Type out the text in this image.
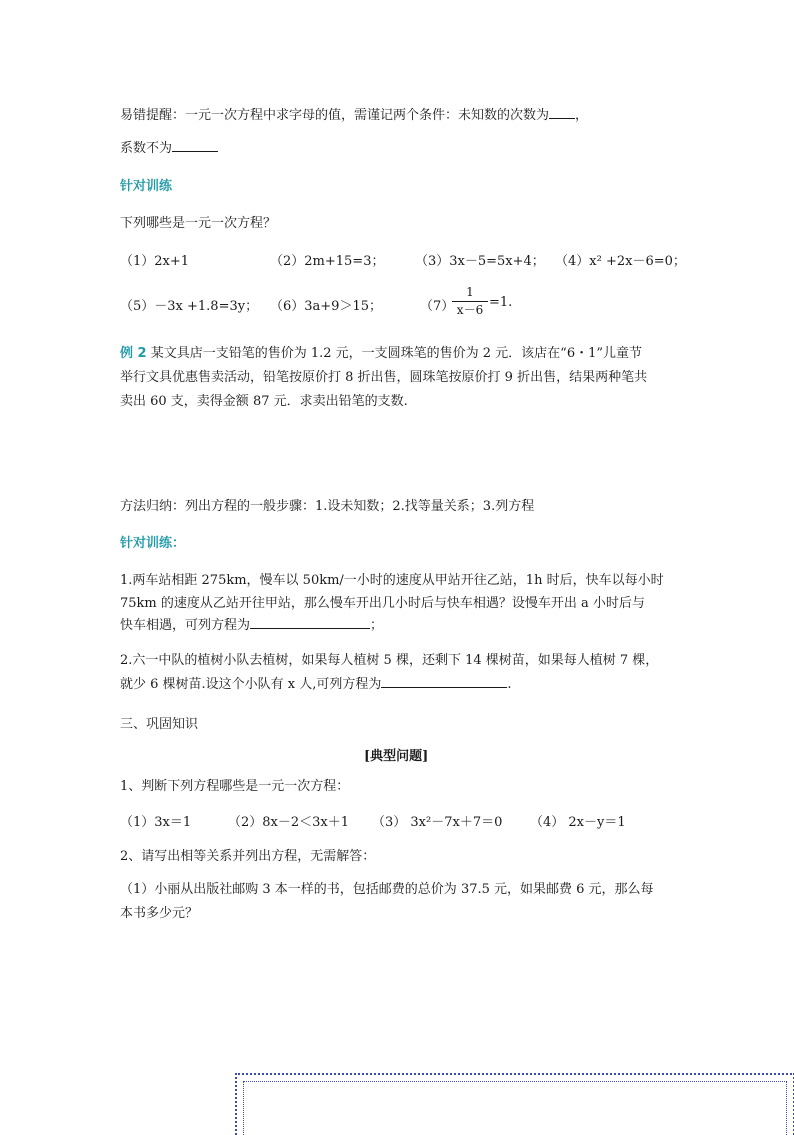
易错提醒：一元一次方程中求字母的值，需谨记两个条件：未知数的次数为 ，
系数不为
针对训练
下列哪些是一元一次方程？
（1）2x+1	（2）2m+15=3； （3）3x－5=5x+4； （4）x² +2x－6=0；
（5）－3x +1.8=3y； （6）3a+9＞15；	（7）
1
x－6 =1.
例 2 某文具店一支铅笔的售价为 1.2 元，一支圆珠笔的售价为 2 元．该店在“6・1”儿童节
举行文具优惠售卖活动，铅笔按原价打 8 折出售，圆珠笔按原价打 9 折出售，结果两种笔共
卖出 60 支，卖得金额 87 元．求卖出铅笔的支数.
方法归纳：列出方程的一般步骤：1.设未知数；2.找等量关系；3.列方程
针对训练：
1.两车站相距 275km，慢车以 50km/一小时的速度从甲站开往乙站，1h 时后，快车以每小时
75km 的速度从乙站开往甲站，那么慢车开出几小时后与快车相遇？设慢车开出 a 小时后与
快车相遇，可列方程为	；
2.六一中队的植树小队去植树，如果每人植树 5 棵，还剩下 14 棵树苗，如果每人植树 7 棵，
就少 6 棵树苗.设这个小队有 x 人,可列方程为	.
三、巩固知识
[典型问题]
1、判断下列方程哪些是一元一次方程：
（1）3x＝1	（2）8x－2＜3x＋1 （3） 3x²－7x＋7＝0 （4） 2x－y＝1
2、请写出相等关系并列出方程，无需解答：
（1）小丽从出版社邮购 3 本一样的书，包括邮费的总价为 37.5 元，如果邮费 6 元，那么每
本书多少元？
